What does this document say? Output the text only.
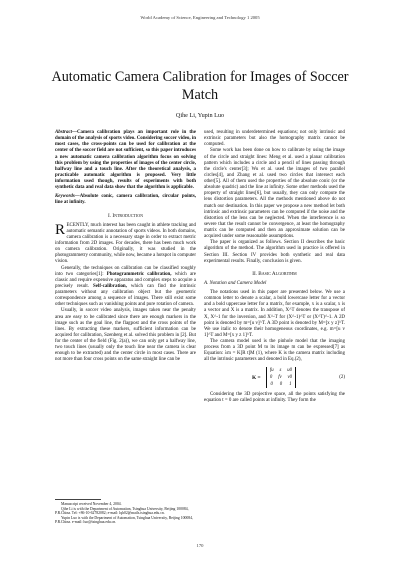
World Academy of Science, Engineering and Technology 1 2005
Automatic Camera Calibration for Images of Soccer Match
Qihe Li, Yupin Luo

Abstract—Camera calibration plays an important role in the domain of the analysis of sports video. Considering soccer video, in most cases, the cross-points can be used for calibration at the center of the soccer field are not sufficient, so this paper introduces a new automatic camera calibration algorithm focus on solving this problem by using the properties of images of the center circle, halfway line and a touch line. After the theoretical analysis, a practicable automatic algorithm is proposed. Very little information used though, results of experiments with both synthetic data and real data show that the algorithm is applicable.

Keywords—Absolute conic, camera calibration, circular points, line at infinity.

I. Introduction

RECENTLY, much interest has been caught in athlete tracking and automatic semantic annotation of sports videos. In both domains, camera calibration is a necessary stage in order to extract metric information from 2D images. For decades, there has been much work on camera calibration. Originally, it was studied in the photogrammetry community, while now, became a hotspot in computer vision.

Generally, the techniques on calibration can be classified roughly into two categories[1]: Photogrammetric calibration, which are classic and require expensive apparatus and complex steps to acquire a precisely result. Self-calibration, which can find the intrinsic parameters without any calibration object but the geometric correspondence among a sequence of images. There still exist some other techniques such as vanishing points and pure rotation of camera.

Usually, in soccer video analysis, images taken near the penalty area are easy to be calibrated since there are enough markers in the image such as the goal line, the flagpost and the cross points of the lines. By extracting these markers, sufficient information can be acquired for calibration, Szenberg et al. solved this problem in [2]. But for the center of the field (Fig. 2(a)), we can only get a halfway line, two touch lines (usually only the touch line near the camera is clear enough to be extracted) and the center circle in most cases. There are not more than four cross points on the same straight line can be

Manuscript received November 4, 2004.

Qihe Li is with the Department of Automation, Tsinghua University, Beijing 100084, P.R.China. Tel: +86-10-62782082; e-mail: lqh02@mails.tsinghua.edu.cn.

Yupin Luo is with the Department of Automation, Tsinghua University, Beijing 100084, P.R.China. e-mail: luo@tsinghua.edu.cn.

used, resulting in underdetermined equations; not only intrinsic and extrinsic parameters but also the homography matrix cannot be computed.

Some work has been done on how to calibrate by using the image of the circle and straight lines: Meng et al. used a planar calibration pattern which includes a circle and a pencil of lines passing through the circle's center[3]; Wu et al. used the images of two parallel circles[4], and Zhang et al. used two circles that intersect each other[5]. All of them used the properties of the absolute conic (or the absolute quadric) and the line at infinity. Some other methods used the property of straight lines[6], but usually, they can only compute the lens distortion parameters. All the methods mentioned above do not match our destination. In this paper we propose a new method let both intrinsic and extrinsic parameters can be computed if the noise and the distortion of the lens can be neglected. When the interference is so severe that the result cannot be convergence, at least the homography matrix can be computed and then an approximate solution can be acquired under some reasonable assumptions.

The paper is organized as follows. Section II describes the basic algorithm of the method. The algorithm used in practice is offered in Section III. Section IV provides both synthetic and real data experimental results. Finally, conclusion is given.

II. Basic Algorithm

A. Notation and Camera Model

The notations used in this paper are presented below. We use a common letter to denote a scalar, a bold lowercase letter for a vector and a bold uppercase letter for a matrix, for example, x is a scalar, x is a vector and X is a matrix. In addition, X^T denotes the transpose of X, X^-1 for the inversion, and X^-T for (X^-1)^T or (X^T)^-1. A 2D point is denoted by m=[u v]^T. A 3D point is denoted by M=[x y z]^T. We use italic to denote their homogeneous coordinates, e.g. m=[u v 1]^T and M=[x y z 1]^T.

The camera model used is the pinhole model that the imaging process from a 3D point M to its image m can be expressed[7] as Equation: λm = K[R t]M (1), where K is the camera matrix including all the intrinsic parameters and denoted in Eq.(2),

K =
fu s u0
0 fv v0
0 0 1
(2)

Considering the 3D projective space, all the points satisfying the equation t = 0 are called points at infinity. They form the

170
